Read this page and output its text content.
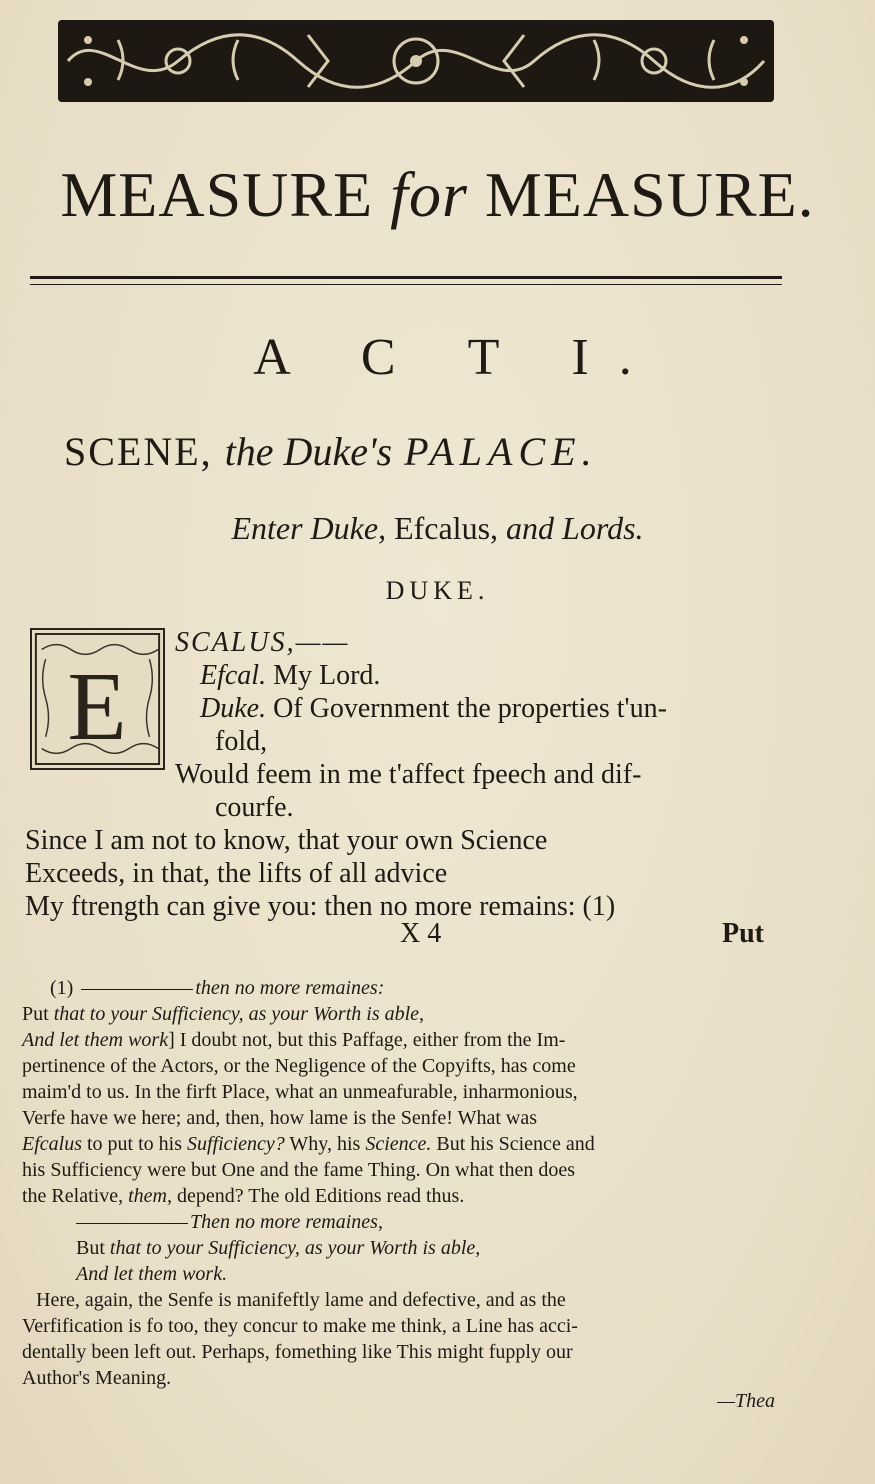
MEASURE for MEASURE.
A C T I.
SCENE, the Duke's PALACE.
Enter Duke, Efcalus, and Lords.
DUKE.
E
SCALUS,——
Efcal. My Lord.
Duke. Of Government the properties t'un-
fold,
Would feem in me t'affect fpeech and dif-
courfe.
Since I am not to know, that your own Science
Exceeds, in that, the lifts of all advice
My ftrength can give you: then no more remains: (1)
X 4	Put
(1)	then no more remaines:
Put that to your Sufficiency, as your Worth is able,
And let them work] I doubt not, but this Paffage, either from the Im-
pertinence of the Actors, or the Negligence of the Copyifts, has come
maim'd to us. In the firft Place, what an unmeafurable, inharmonious,
Verfe have we here; and, then, how lame is the Senfe! What was
Efcalus to put to his Sufficiency? Why, his Science. But his Science and
his Sufficiency were but One and the fame Thing. On what then does
the Relative, them, depend? The old Editions read thus.
Then no more remaines,
But that to your Sufficiency, as your Worth is able,
And let them work.
Here, again, the Senfe is manifeftly lame and defective, and as the
Verfification is fo too, they concur to make me think, a Line has acci-
dentally been left out. Perhaps, fomething like This might fupply our
Author's Meaning.
—Thea
